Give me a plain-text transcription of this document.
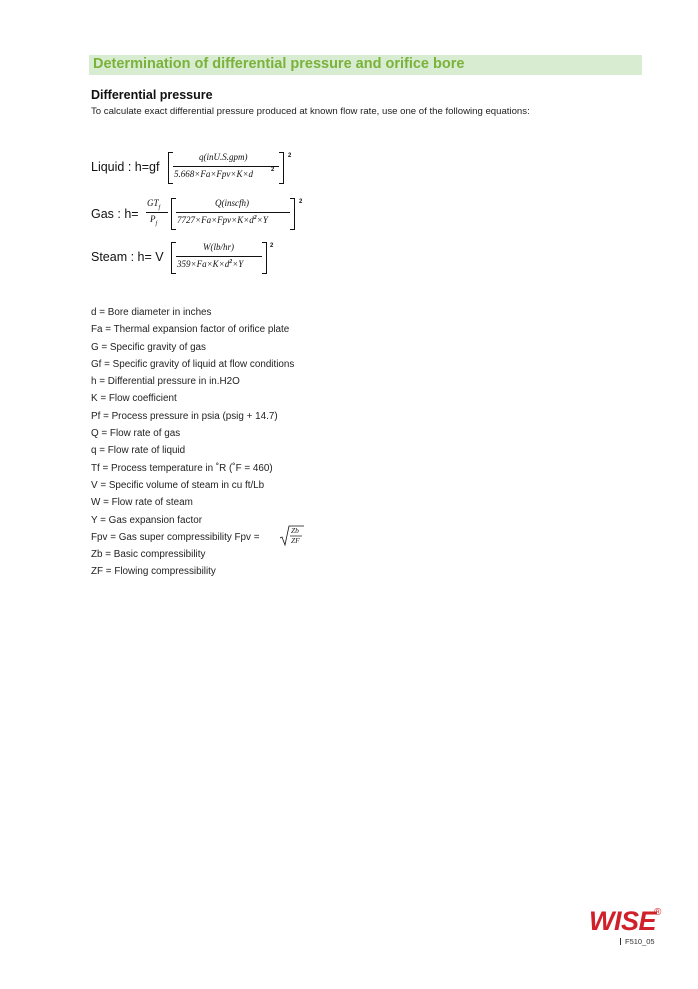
Determination of differential pressure and orifice bore
Differential pressure
To calculate exact differential pressure produced at known flow rate, use one of the following equations:
Liquid : h=gf
q(inU.S.gpm)
5.668×Fa×Fpv×K×d	2
2
Gas : h=
$GT_f$
$P_f$
Q(inscfh)
$7727\times Fa\times Fpv\times K\times d^2\times Y$
2
Steam : h= V
W(lb/hr)
$359\times Fa\times K\times d^2\times Y$
2
d = Bore diameter in inches
Fa = Thermal expansion factor of orifice plate
G = Specific gravity of gas
Gf = Specific gravity of liquid at flow conditions
h = Differential pressure in in.H2O
K = Flow coefficient
Pf = Process pressure in psia (psig + 14.7)
Q = Flow rate of gas
q = Flow rate of liquid
Tf = Process temperature in ˚R (˚F = 460)
V = Specific volume of steam in cu ft/Lb
W = Flow rate of steam
Y = Gas expansion factor
Fpv = Gas super compressibility Fpv =
Zb
ZF
Zb = Basic compressibility
ZF = Flowing compressibility
WISE
®
F510_05
